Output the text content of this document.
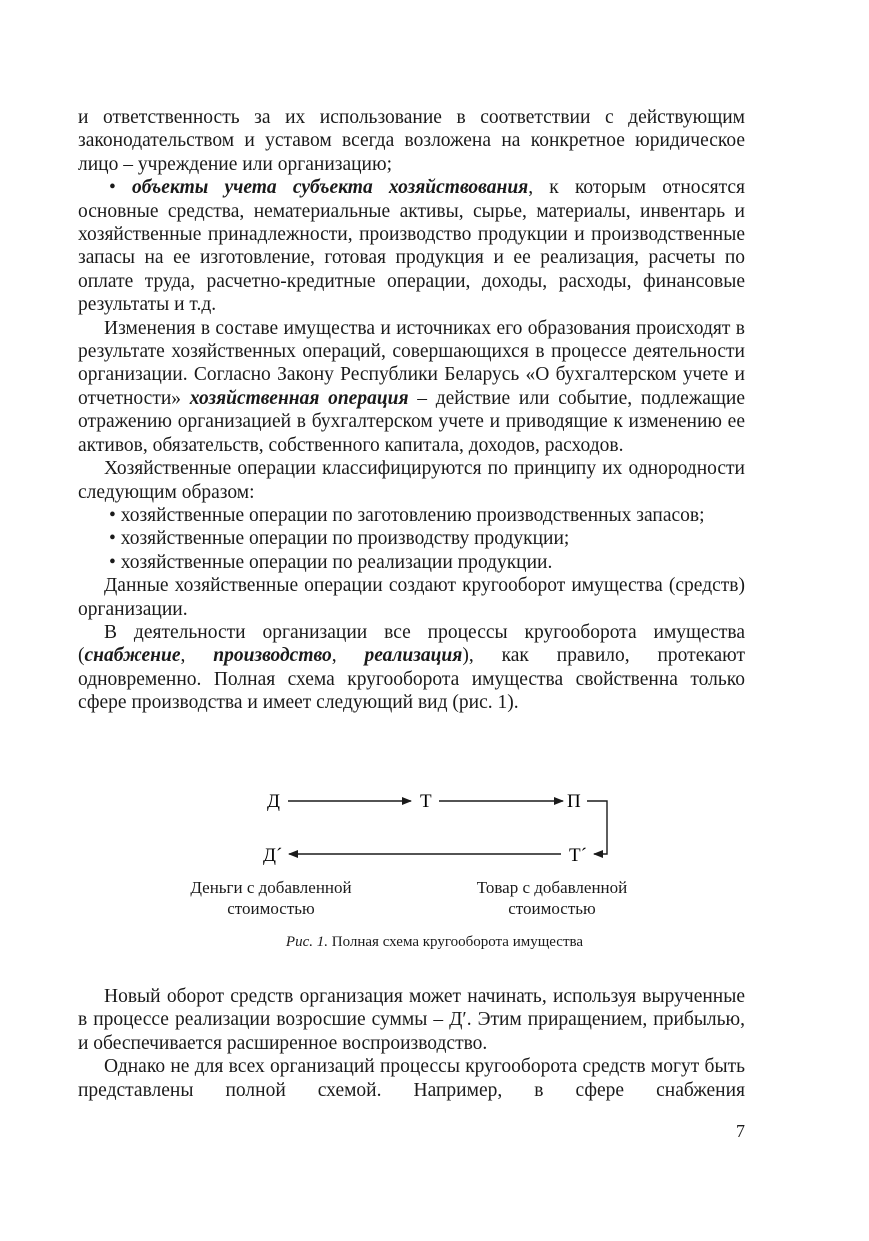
и ответственность за их использование в соответствии с действующим законодательством и уставом всегда возложена на конкретное юридическое лицо – учреждение или организацию;

• объекты учета субъекта хозяйствования, к которым относятся основные средства, нематериальные активы, сырье, материалы, инвентарь и хозяйственные принадлежности, производство продукции и производственные запасы на ее изготовление, готовая продукция и ее реализация, расчеты по оплате труда, расчетно-кредитные операции, доходы, расходы, финансовые результаты и т.д.

Изменения в составе имущества и источниках его образования происходят в результате хозяйственных операций, совершающихся в процессе деятельности организации. Согласно Закону Республики Беларусь «О бухгалтерском учете и отчетности» хозяйственная операция – действие или событие, подлежащие отражению организацией в бухгалтерском учете и приводящие к изменению ее активов, обязательств, собственного капитала, доходов, расходов.

Хозяйственные операции классифицируются по принципу их однородности следующим образом:

• хозяйственные операции по заготовлению производственных запасов;

• хозяйственные операции по производству продукции;

• хозяйственные операции по реализации продукции.

Данные хозяйственные операции создают кругооборот имущества (средств) организации.

В деятельности организации все процессы кругооборота имущества (снабжение, производство, реализация), как правило, протекают одновременно. Полная схема кругооборота имущества свойственна только сфере производства и имеет следующий вид (рис. 1).

Д	Т	П
Д´	Т´
Деньги с добавленной
стоимостью
Товар с добавленной
стоимостью
Рис. 1. Полная схема кругооборота имущества

Новый оборот средств организация может начинать, используя вырученные в процессе реализации возросшие суммы – Д′. Этим приращением, прибылью, и обеспечивается расширенное воспроизводство.

Однако не для всех организаций процессы кругооборота средств могут быть представлены полной схемой. Например, в сфере снабжения

7
